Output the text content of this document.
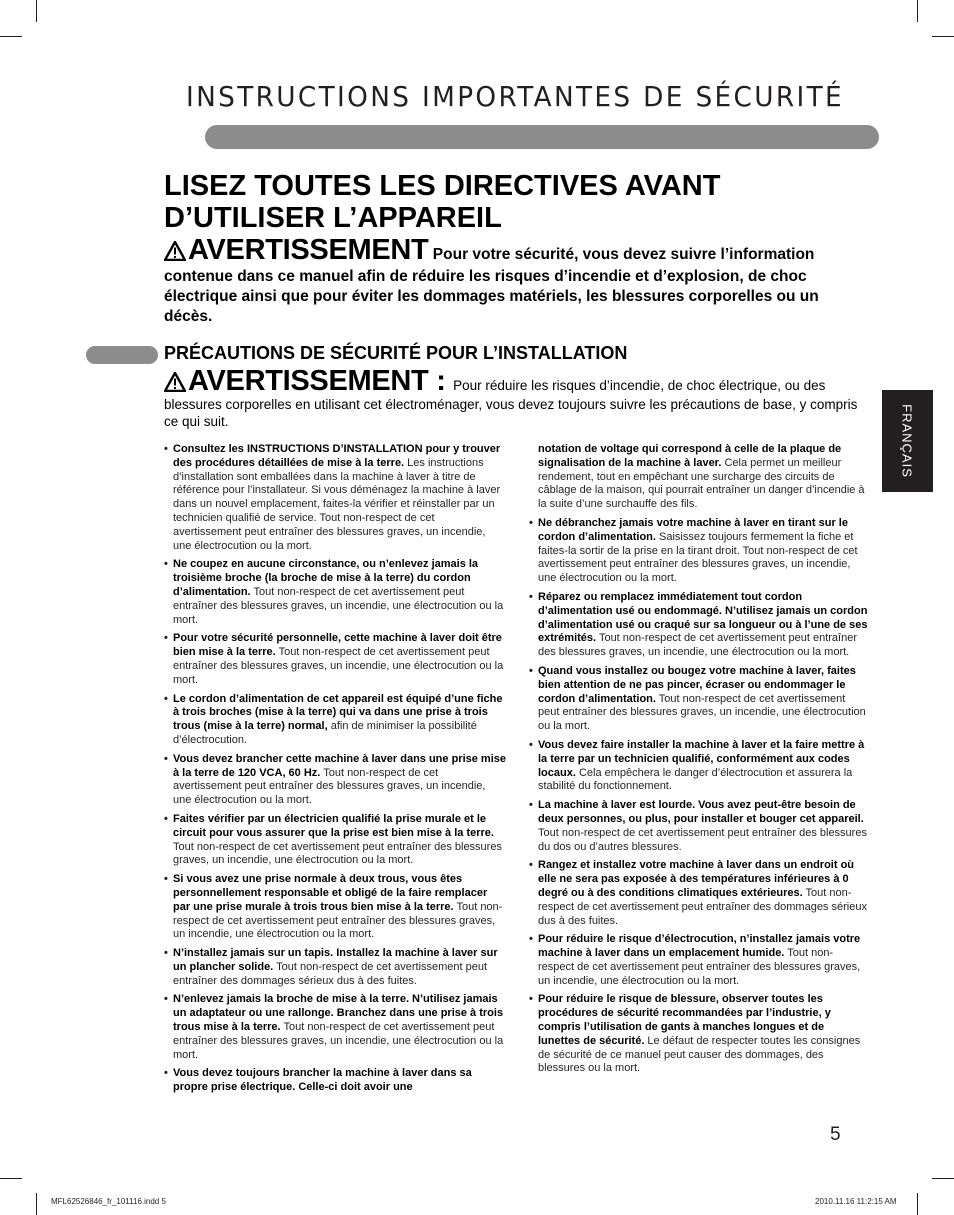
INSTRUCTIONS IMPORTANTES DE SÉCURITÉ
LISEZ TOUTES LES DIRECTIVES AVANT
D’UTILISER L’APPAREIL
AVERTISSEMENT Pour votre sécurité, vous devez suivre l’information contenue dans ce manuel afin de réduire les risques d’incendie et d’explosion, de choc électrique ainsi que pour éviter les dommages matériels, les blessures corporelles ou un décès.
PRÉCAUTIONS DE SÉCURITÉ POUR L’INSTALLATION
AVERTISSEMENT : Pour réduire les risques d’incendie, de choc électrique, ou des blessures corporelles en utilisant cet électroménager, vous devez toujours suivre les précautions de base, y compris ce qui suit.	FRANÇAIS
• Consultez les INSTRUCTIONS D’INSTALLATION pour y trouver des procédures détaillées de mise à la terre. Les instructions d’installation sont emballées dans la machine à laver à titre de référence pour l’installateur. Si vous déménagez la machine à laver dans un nouvel emplacement, faites-la vérifier et réinstaller par un technicien qualifié de service. Tout non-respect de cet avertissement peut entraîner des blessures graves, un incendie, une électrocution ou la mort.
• Ne coupez en aucune circonstance, ou n’enlevez jamais la troisième broche (la broche de mise à la terre) du cordon d’alimentation. Tout non-respect de cet avertissement peut entraîner des blessures graves, un incendie, une électrocution ou la mort.
• Pour votre sécurité personnelle, cette machine à laver doit être bien mise à la terre. Tout non-respect de cet avertissement peut entraîner des blessures graves, un incendie, une électrocution ou la mort.
• Le cordon d’alimentation de cet appareil est équipé d’une fiche à trois broches (mise à la terre) qui va dans une prise à trois trous (mise à la terre) normal, afin de minimiser la possibilité d’électrocution.
• Vous devez brancher cette machine à laver dans une prise mise à la terre de 120 VCA, 60 Hz. Tout non-respect de cet avertissement peut entraîner des blessures graves, un incendie, une électrocution ou la mort.
• Faites vérifier par un électricien qualifié la prise murale et le circuit pour vous assurer que la prise est bien mise à la terre. Tout non-respect de cet avertissement peut entraîner des blessures graves, un incendie, une électrocution ou la mort.
• Si vous avez une prise normale à deux trous, vous êtes personnellement responsable et obligé de la faire remplacer par une prise murale à trois trous bien mise à la terre. Tout non-respect de cet avertissement peut entraîner des blessures graves, un incendie, une électrocution ou la mort.
• N’installez jamais sur un tapis. Installez la machine à laver sur un plancher solide. Tout non-respect de cet avertissement peut entraîner des dommages sérieux dus à des fuites.
• N’enlevez jamais la broche de mise à la terre. N’utilisez jamais un adaptateur ou une rallonge. Branchez dans une prise à trois trous mise à la terre. Tout non-respect de cet avertissement peut entraîner des blessures graves, un incendie, une électrocution ou la mort.
• Vous devez toujours brancher la machine à laver dans sa propre prise électrique. Celle-ci doit avoir une
notation de voltage qui correspond à celle de la plaque de signalisation de la machine à laver. Cela permet un meilleur rendement, tout en empêchant une surcharge des circuits de câblage de la maison, qui pourrait entraîner un danger d’incendie à la suite d’une surchauffe des fils.
• Ne débranchez jamais votre machine à laver en tirant sur le cordon d’alimentation. Saisissez toujours fermement la fiche et faites-la sortir de la prise en la tirant droit. Tout non-respect de cet avertissement peut entraîner des blessures graves, un incendie, une électrocution ou la mort.
• Réparez ou remplacez immédiatement tout cordon d’alimentation usé ou endommagé. N’utilisez jamais un cordon d’alimentation usé ou craqué sur sa longueur ou à l’une de ses extrémités. Tout non-respect de cet avertissement peut entraîner des blessures graves, un incendie, une électrocution ou la mort.
• Quand vous installez ou bougez votre machine à laver, faites bien attention de ne pas pincer, écraser ou endommager le cordon d’alimentation. Tout non-respect de cet avertissement peut entraîner des blessures graves, un incendie, une électrocution ou la mort.
• Vous devez faire installer la machine à laver et la faire mettre à la terre par un technicien qualifié, conformément aux codes locaux. Cela empêchera le danger d’électrocution et assurera la stabilité du fonctionnement.
• La machine à laver est lourde. Vous avez peut-être besoin de deux personnes, ou plus, pour installer et bouger cet appareil. Tout non-respect de cet avertissement peut entraîner des blessures du dos ou d’autres blessures.
• Rangez et installez votre machine à laver dans un endroit où elle ne sera pas exposée à des températures inférieures à 0 degré ou à des conditions climatiques extérieures. Tout non-respect de cet avertissement peut entraîner des dommages sérieux dus à des fuites.
• Pour réduire le risque d’électrocution, n’installez jamais votre machine à laver dans un emplacement humide. Tout non-respect de cet avertissement peut entraîner des blessures graves, un incendie, une électrocution ou la mort.
• Pour réduire le risque de blessure, observer toutes les procédures de sécurité recommandées par l’industrie, y compris l’utilisation de gants à manches longues et de lunettes de sécurité. Le défaut de respecter toutes les consignes de sécurité de ce manuel peut causer des dommages, des blessures ou la mort.
5
MFL62526846_fr_101116.indd 5	2010.11.16 11:2:15 AM
